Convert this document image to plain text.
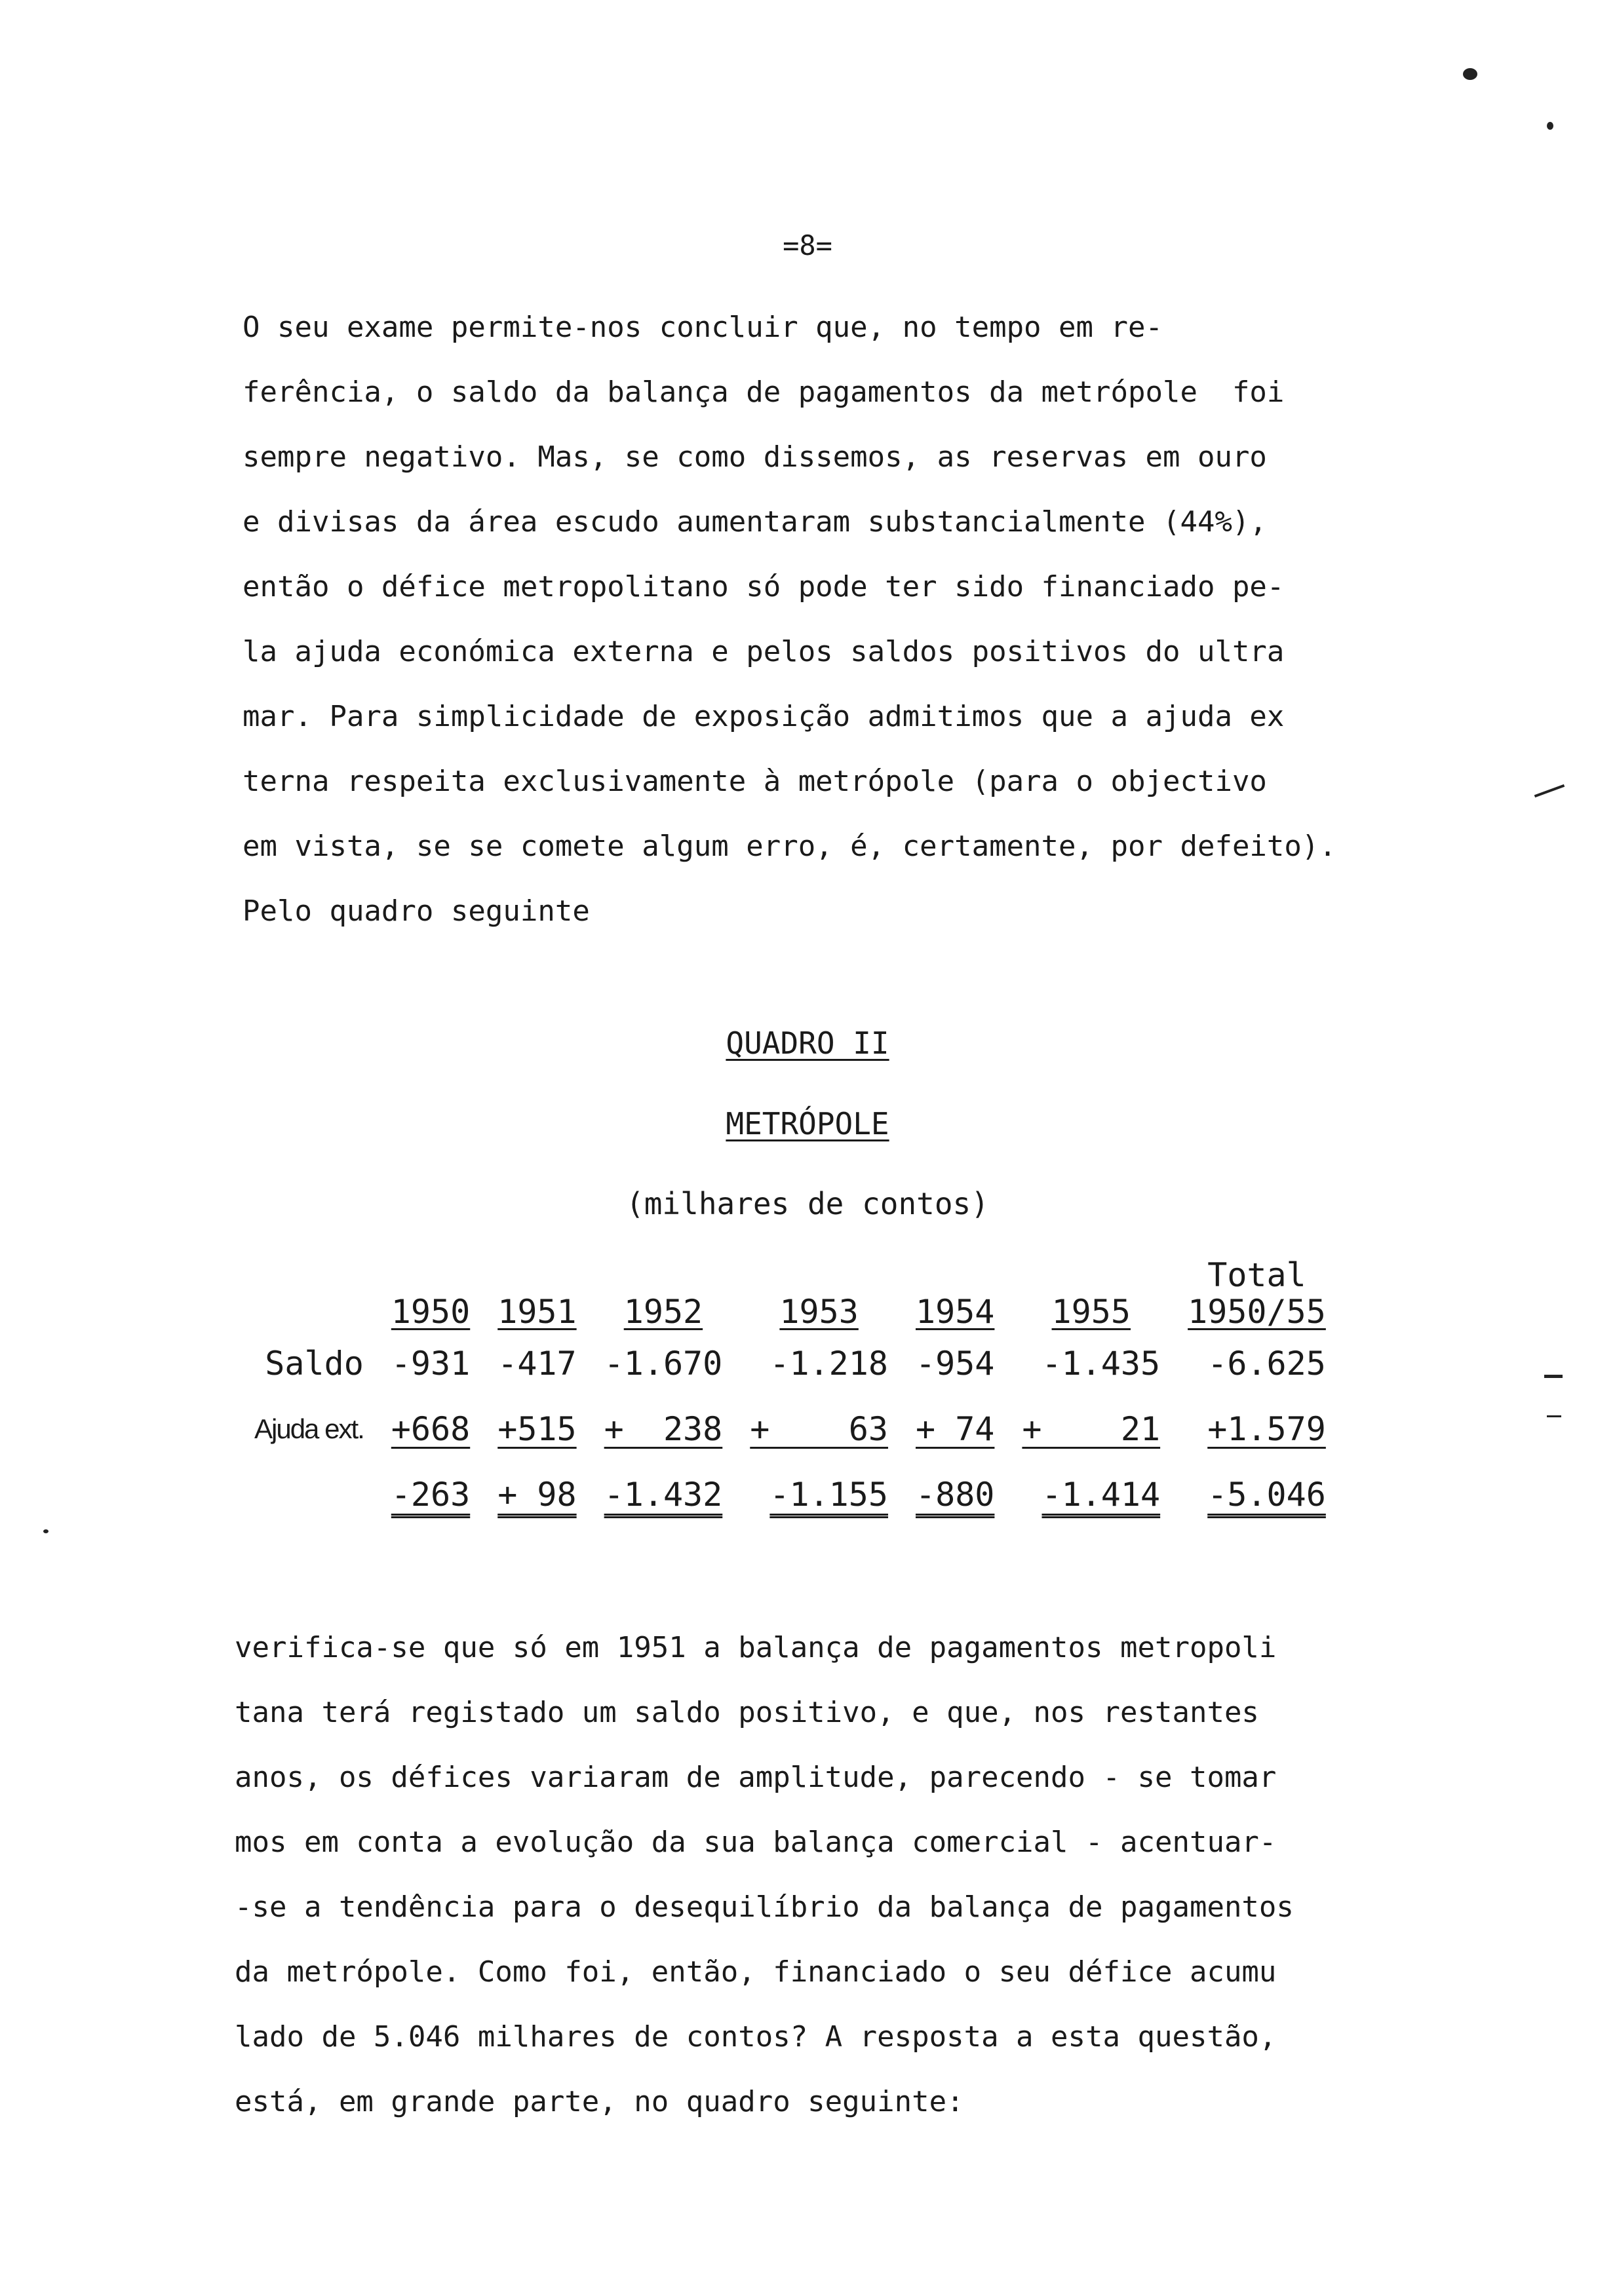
=8=
O seu exame permite-nos concluir que, no tempo em re-
ferência, o saldo da balança de pagamentos da metrópole  foi
sempre negativo. Mas, se como dissemos, as reservas em ouro
e divisas da área escudo aumentaram substancialmente (44%),
então o défice metropolitano só pode ter sido financiado pe-
la ajuda económica externa e pelos saldos positivos do ultra
mar. Para simplicidade de exposição admitimos que a ajuda ex
terna respeita exclusivamente à metrópole (para o objectivo
em vista, se se comete algum erro, é, certamente, por defeito).
Pelo quadro seguinte
QUADRO II
METRÓPOLE
(milhares de contos)
	1950	1951	1952	1953	1954	1955	Total
1950/55
Saldo	-931	-417	-1.670	-1.218	-954	-1.435	-6.625
Ajuda ext.	+668	+515	+  238	+    63	+ 74	+    21	+1.579
	-263	+ 98	-1.432	-1.155	-880	-1.414	-5.046
verifica-se que só em 1951 a balança de pagamentos metropoli
tana terá registado um saldo positivo, e que, nos restantes
anos, os défices variaram de amplitude, parecendo - se tomar
mos em conta a evolução da sua balança comercial - acentuar-
-se a tendência para o desequilíbrio da balança de pagamentos
da metrópole. Como foi, então, financiado o seu défice acumu
lado de 5.046 milhares de contos? A resposta a esta questão,
está, em grande parte, no quadro seguinte:
